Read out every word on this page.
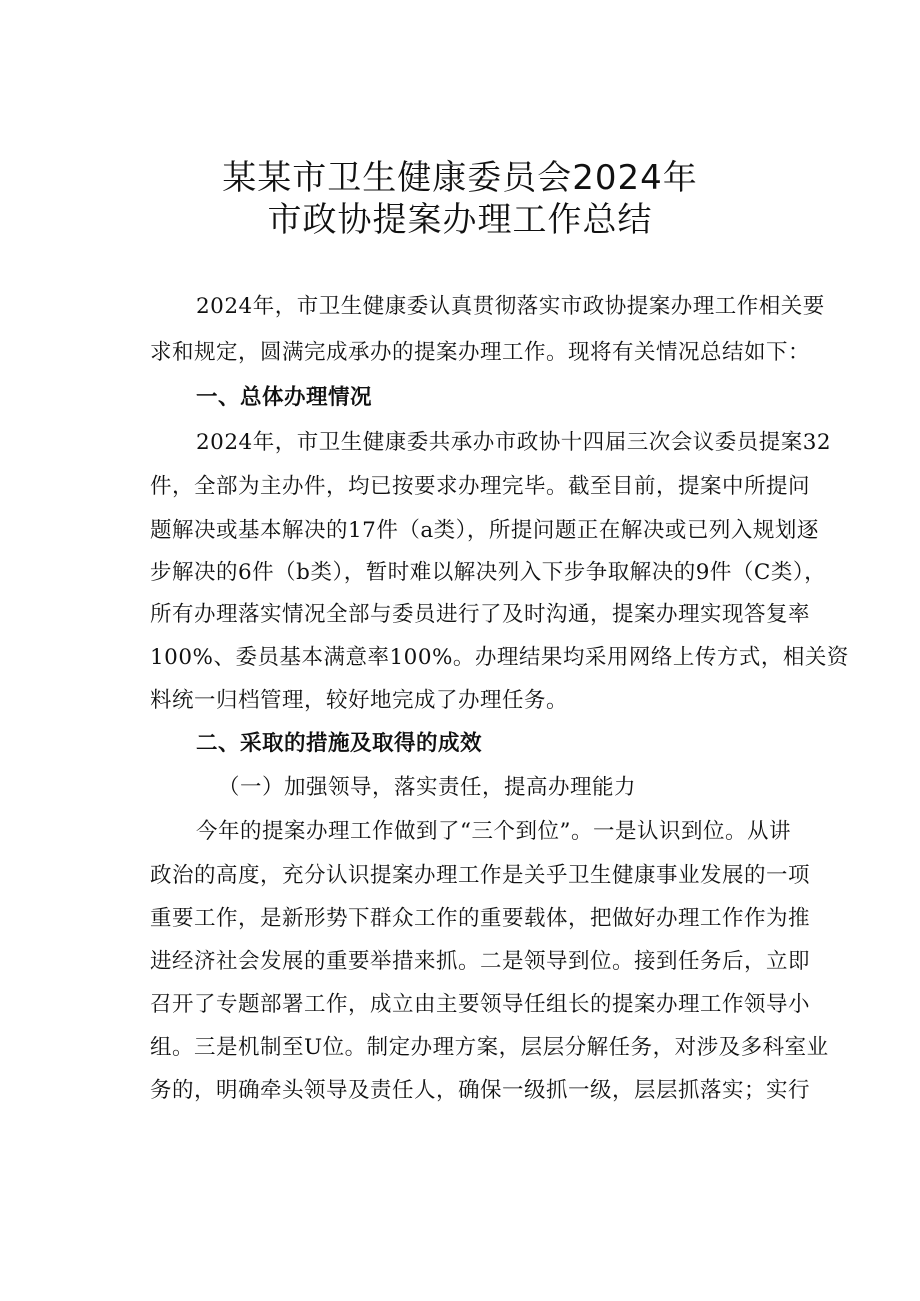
某某市卫生健康委员会2024年
市政协提案办理工作总结
2024年，市卫生健康委认真贯彻落实市政协提案办理工作相关要
求和规定，圆满完成承办的提案办理工作。现将有关情况总结如下：
一、总体办理情况
2024年，市卫生健康委共承办市政协十四届三次会议委员提案32
件，全部为主办件，均已按要求办理完毕。截至目前，提案中所提问
题解决或基本解决的17件（a类），所提问题正在解决或已列入规划逐
步解决的6件（b类），暂时难以解决列入下步争取解决的9件（C类），
所有办理落实情况全部与委员进行了及时沟通，提案办理实现答复率
100%、委员基本满意率100%。办理结果均采用网络上传方式，相关资
料统一归档管理，较好地完成了办理任务。
二、采取的措施及取得的成效
（一）加强领导，落实责任，提高办理能力
今年的提案办理工作做到了“三个到位”。一是认识到位。从讲
政治的高度，充分认识提案办理工作是关乎卫生健康事业发展的一项
重要工作，是新形势下群众工作的重要载体，把做好办理工作作为推
进经济社会发展的重要举措来抓。二是领导到位。接到任务后，立即
召开了专题部署工作，成立由主要领导任组长的提案办理工作领导小
组。三是机制至U位。制定办理方案，层层分解任务，对涉及多科室业
务的，明确牵头领导及责任人，确保一级抓一级，层层抓落实；实行
